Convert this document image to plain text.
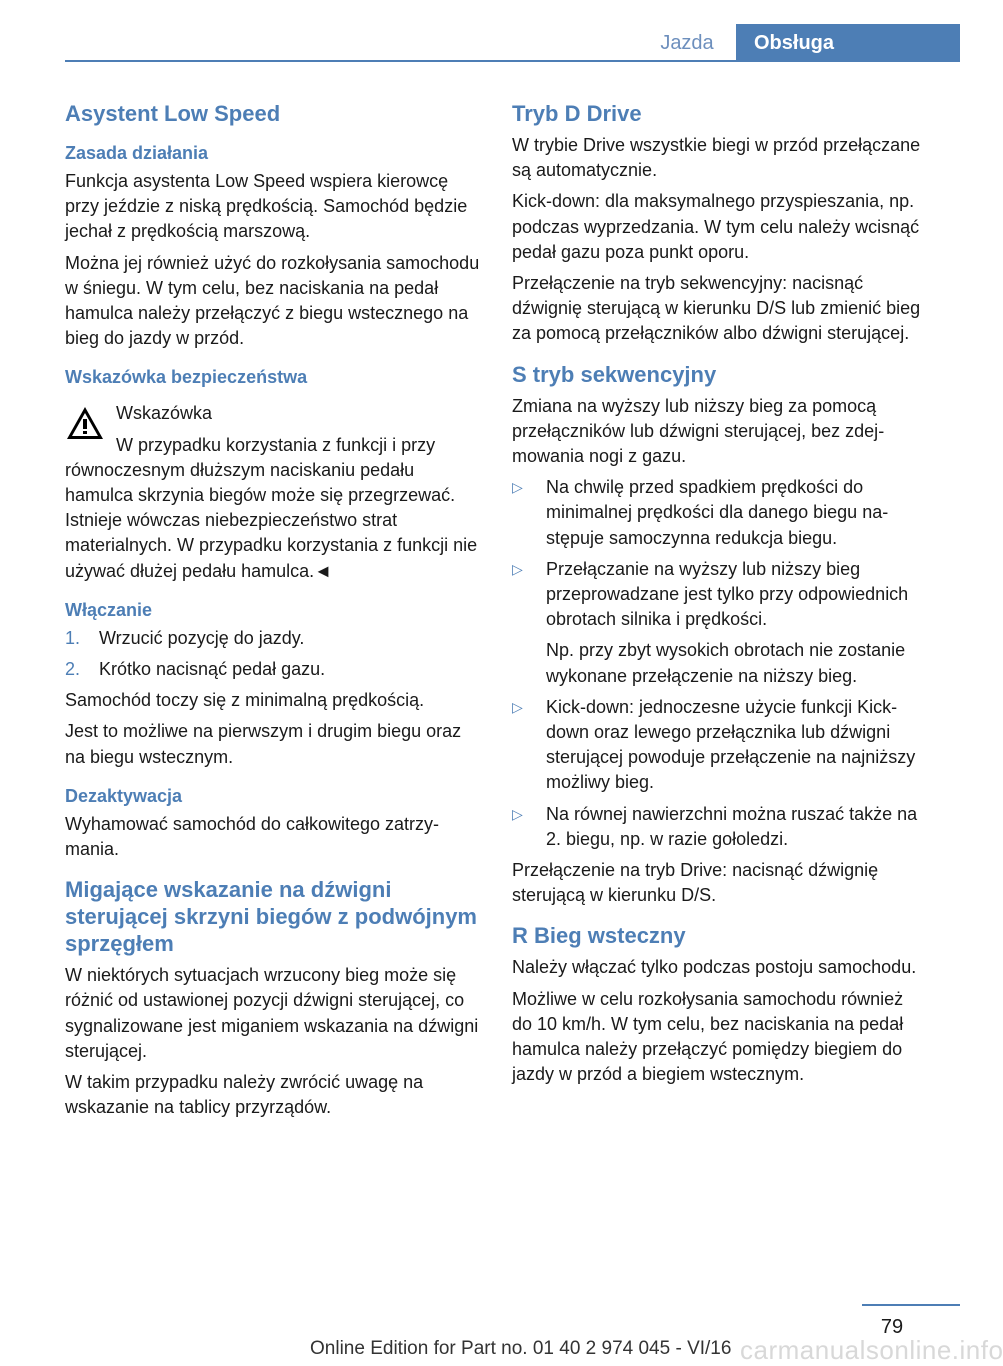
Jazda	Obsługa
Asystent Low Speed
Zasada działania

Funkcja asystenta Low Speed wspiera kierowcę przy jeździe z niską prędkością. Samochód będzie jechał z prędkością marszową.

Można jej również użyć do rozkołysania samochodu w śniegu. W tym celu, bez naciskania na pedał hamulca należy przełączyć z biegu wstecznego na bieg do jazdy w przód.

Wskazówka bezpieczeństwa

Wskazówka

W przypadku korzystania z funkcji i przy

równoczesnym dłuższym naciskaniu pedału hamulca skrzynia biegów może się przegrzewać. Istnieje wówczas niebezpieczeństwo strat materialnych. W przypadku korzystania z funkcji nie używać dłużej pedału hamulca.◄

Włączanie
1. Wrzucić pozycję do jazdy.
2. Krótko nacisnąć pedał gazu.

Samochód toczy się z minimalną prędkością.

Jest to możliwe na pierwszym i drugim biegu oraz na biegu wstecznym.

Dezaktywacja

Wyhamować samochód do całkowitego zatrzymania.

Migające wskazanie na dźwigni sterującej skrzyni biegów z podwójnym sprzęgłem

W niektórych sytuacjach wrzucony bieg może się różnić od ustawionej pozycji dźwigni sterującej, co sygnalizowane jest miganiem wskazania na dźwigni sterującej.

W takim przypadku należy zwrócić uwagę na wskazanie na tablicy przyrządów.

Tryb D Drive

W trybie Drive wszystkie biegi w przód przełączane są automatycznie.

Kick-down: dla maksymalnego przyspieszania, np. podczas wyprzedzania. W tym celu należy wcisnąć pedał gazu poza punkt oporu.

Przełączenie na tryb sekwencyjny: nacisnąć dźwignię sterującą w kierunku D/S lub zmienić bieg za pomocą przełączników albo dźwigni sterującej.

S tryb sekwencyjny

Zmiana na wyższy lub niższy bieg za pomocą przełączników lub dźwigni sterującej, bez zdejmowania nogi z gazu.

▷ Na chwilę przed spadkiem prędkości do minimalnej prędkości dla danego biegu następuje samoczynna redukcja biegu.
▷ Przełączanie na wyższy lub niższy bieg przeprowadzane jest tylko przy odpowiednich obrotach silnika i prędkości.

Np. przy zbyt wysokich obrotach nie zostanie wykonane przełączenie na niższy bieg.

▷ Kick-down: jednoczesne użycie funkcji Kick-down oraz lewego przełącznika lub dźwigni sterującej powoduje przełączenie na najniższy możliwy bieg.
▷ Na równej nawierzchni można ruszać także na 2. biegu, np. w razie gołoledzi.

Przełączenie na tryb Drive: nacisnąć dźwignię sterującą w kierunku D/S.

R Bieg wsteczny

Należy włączać tylko podczas postoju samochodu.

Możliwe w celu rozkołysania samochodu również do 10 km/h. W tym celu, bez naciskania na pedał hamulca należy przełączyć pomiędzy biegiem do jazdy w przód a biegiem wstecznym.

79
carmanualsonline.info
Online Edition for Part no. 01 40 2 974 045 - VI/16
